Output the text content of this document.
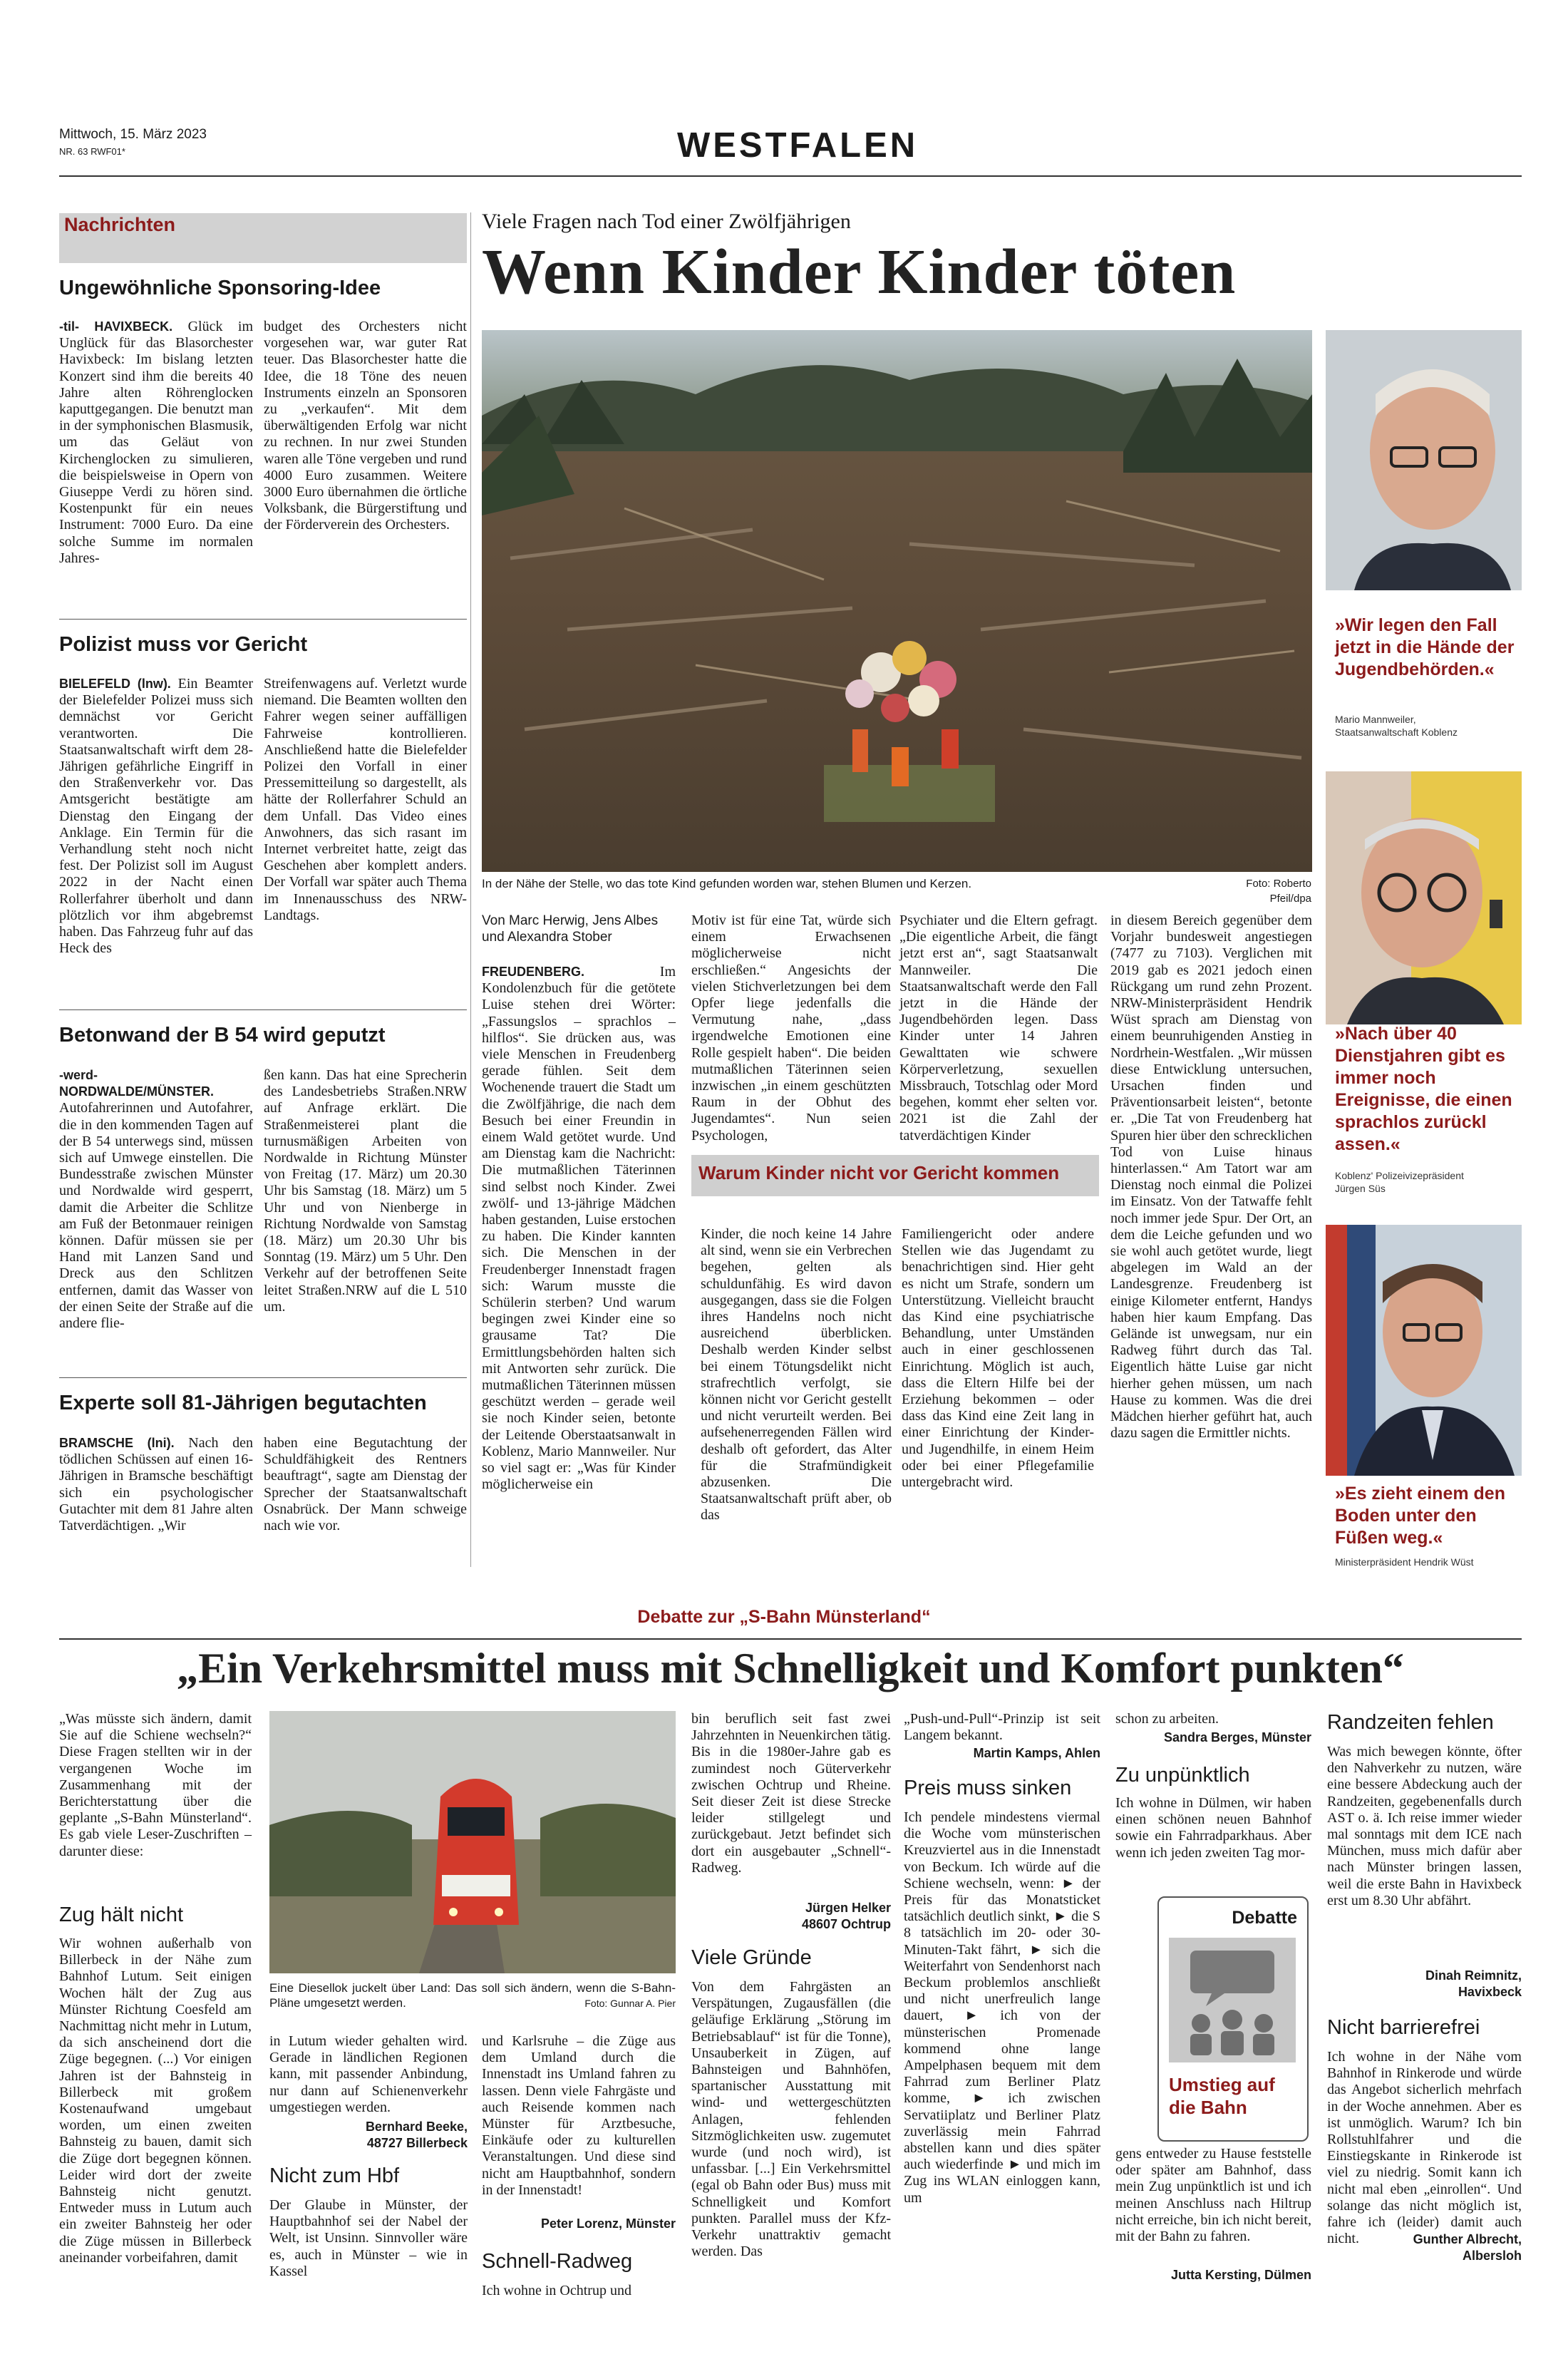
Mittwoch, 15. März 2023
NR. 63 RWF01*	WESTFALEN
Nachrichten
Ungewöhnliche Sponsoring-Idee
-til- HAVIXBECK. Glück im Unglück für das Blasorchester Havixbeck: Im bislang letzten Konzert sind ihm die bereits 40 Jahre alten Röhrenglocken kaputtgegangen. Die benutzt man in der symphonischen Blasmusik, um das Geläut von Kirchenglocken zu simulieren, die beispielsweise in Opern von Giuseppe Verdi zu hören sind. Kostenpunkt für ein neues Instrument: 7000 Euro. Da eine solche Summe im normalen Jahres-
budget des Orchesters nicht vorgesehen war, war guter Rat teuer. Das Blasorchester hatte die Idee, die 18 Töne des neuen Instruments einzeln an Sponsoren zu „verkaufen“. Mit dem überwältigenden Erfolg war nicht zu rechnen. In nur zwei Stunden waren alle Töne vergeben und rund 4000 Euro zusammen. Weitere 3000 Euro übernahmen die örtliche Volksbank, die Bürgerstiftung und der Förderverein des Orchesters.
Polizist muss vor Gericht
BIELEFELD (lnw). Ein Beamter der Bielefelder Polizei muss sich demnächst vor Gericht verantworten. Die Staatsanwaltschaft wirft dem 28-Jährigen gefährliche Eingriff in den Straßenverkehr vor. Das Amtsgericht bestätigte am Dienstag den Eingang der Anklage. Ein Termin für die Verhandlung steht noch nicht fest. Der Polizist soll im August 2022 in der Nacht einen Rollerfahrer überholt und dann plötzlich vor ihm abgebremst haben. Das Fahrzeug fuhr auf das Heck des
Streifenwagens auf. Verletzt wurde niemand. Die Beamten wollten den Fahrer wegen seiner auffälligen Fahrweise kontrollieren. Anschließend hatte die Bielefelder Polizei den Vorfall in einer Pressemitteilung so dargestellt, als hätte der Rollerfahrer Schuld an dem Unfall. Das Video eines Anwohners, das sich rasant im Internet verbreitet hatte, zeigt das Geschehen aber komplett anders. Der Vorfall war später auch Thema im Innenausschuss des NRW-Landtags.
Betonwand der B 54 wird geputzt
-werd- NORDWALDE/MÜNSTER. Autofahrerinnen und Autofahrer, die in den kommenden Tagen auf der B 54 unterwegs sind, müssen sich auf Umwege einstellen. Die Bundesstraße zwischen Münster und Nordwalde wird gesperrt, damit die Arbeiter die Schlitze am Fuß der Betonmauer reinigen können. Dafür müssen sie per Hand mit Lanzen Sand und Dreck aus den Schlitzen entfernen, damit das Wasser von der einen Seite der Straße auf die andere flie-
ßen kann. Das hat eine Sprecherin des Landesbetriebs Straßen.NRW auf Anfrage erklärt. Die Straßenmeisterei plant die turnusmäßigen Arbeiten von Nordwalde in Richtung Münster von Freitag (17. März) um 20.30 Uhr bis Samstag (18. März) um 5 Uhr und von Nienberge in Richtung Nordwalde von Samstag (18. März) um 20.30 Uhr bis Sonntag (19. März) um 5 Uhr. Den Verkehr auf der betroffenen Seite leitet Straßen.NRW auf die L 510 um.
Experte soll 81-Jährigen begutachten
BRAMSCHE (lni). Nach den tödlichen Schüssen auf einen 16-Jährigen in Bramsche beschäftigt sich ein psychologischer Gutachter mit dem 81 Jahre alten Tatverdächtigen. „Wir
haben eine Begutachtung der Schuldfähigkeit des Rentners beauftragt“, sagte am Dienstag der Sprecher der Staatsanwaltschaft Osnabrück. Der Mann schweige nach wie vor.
Viele Fragen nach Tod einer Zwölfjährigen
Wenn Kinder Kinder töten
In der Nähe der Stelle, wo das tote Kind gefunden worden war, stehen Blumen und Kerzen.	Foto: Roberto Pfeil/dpa
Von Marc Herwig, Jens Albes und Alexandra Stober
FREUDENBERG.	Im Kondolenzbuch für die getötete Luise stehen drei Wörter: „Fassungslos – sprachlos – hilflos“. Sie drücken aus, was viele Menschen in Freudenberg gerade fühlen. Seit dem Wochenende trauert die Stadt um die Zwölfjährige, die nach dem Besuch bei einer Freundin in einem Wald getötet wurde. Und am Dienstag kam die Nachricht: Die mutmaßlichen Täterinnen sind selbst noch Kinder. Zwei zwölf- und 13-jährige Mädchen haben gestanden, Luise erstochen zu haben. Die Kinder kannten sich. Die Menschen in der Freudenberger Innenstadt fragen sich: Warum musste die Schülerin sterben? Und warum begingen zwei Kinder eine so grausame Tat? Die Ermittlungsbehörden halten sich mit Antworten sehr zurück. Die mutmaßlichen Täterinnen müssen geschützt werden – gerade weil sie noch Kinder seien, betonte der Leitende Oberstaatsanwalt in Koblenz, Mario Mannweiler. Nur so viel sagt er: „Was für Kinder möglicherweise ein
Motiv ist für eine Tat, würde sich einem Erwachsenen möglicherweise nicht erschließen.“ Angesichts der vielen Stichverletzungen bei dem Opfer liege jedenfalls die Vermutung nahe, „dass irgendwelche Emotionen eine Rolle gespielt haben“. Die beiden mutmaßlichen Täterinnen seien inzwischen „in einem geschützten Raum in der Obhut des Jugendamtes“. Nun seien Psychologen,
Psychiater und die Eltern gefragt. „Die eigentliche Arbeit, die fängt jetzt erst an“, sagt Staatsanwalt Mannweiler. Die Staatsanwaltschaft werde den Fall jetzt in die Hände der Jugendbehörden legen. Dass Kinder unter 14 Jahren Gewalttaten wie schwere Körperverletzung, sexuellen Missbrauch, Totschlag oder Mord begehen, kommt eher selten vor. 2021 ist die Zahl der tatverdächtigen Kinder
in diesem Bereich gegenüber dem Vorjahr bundesweit angestiegen (7477 zu 7103). Verglichen mit 2019 gab es 2021 jedoch einen Rückgang um rund zehn Prozent. NRW-Ministerpräsident Hendrik Wüst sprach am Dienstag von einem beunruhigenden Anstieg in Nordrhein-Westfalen. „Wir müssen diese Entwicklung untersuchen, Ursachen finden und Präventionsarbeit leisten“, betonte er. „Die Tat von Freudenberg hat Spuren hier über den schrecklichen Tod von Luise hinaus hinterlassen.“ Am Tatort war am Dienstag noch einmal die Polizei im Einsatz. Von der Tatwaffe fehlt noch immer jede Spur. Der Ort, an dem die Leiche gefunden und wo sie wohl auch getötet wurde, liegt abgelegen im Wald an der Landesgrenze. Freudenberg ist einige Kilometer entfernt, Handys haben hier kaum Empfang. Das Gelände ist unwegsam, nur ein Radweg führt durch das Tal. Eigentlich hätte Luise gar nicht hierher gehen müssen, um nach Hause zu kommen. Was die drei Mädchen hierher geführt hat, auch dazu sagen die Ermittler nichts.
Warum Kinder nicht vor Gericht kommen
Kinder, die noch keine 14 Jahre alt sind, wenn sie ein Verbrechen begehen, gelten als schuldunfähig. Es wird davon ausgegangen, dass sie die Folgen ihres Handelns noch nicht ausreichend überblicken. Deshalb werden Kinder selbst bei einem Tötungsdelikt nicht strafrechtlich verfolgt, sie können nicht vor Gericht gestellt und nicht verurteilt werden. Bei aufsehenerregenden Fällen wird deshalb oft gefordert, das Alter für die Strafmündigkeit abzusenken. Die Staatsanwaltschaft prüft aber, ob das
Familiengericht oder andere Stellen wie das Jugendamt zu benachrichtigen sind. Hier geht es nicht um Strafe, sondern um Unterstützung. Vielleicht braucht das Kind eine psychiatrische Behandlung, unter Umständen auch in einer geschlossenen Einrichtung. Möglich ist auch, dass die Eltern Hilfe bei der Erziehung bekommen – oder dass das Kind eine Zeit lang in einer Einrichtung der Kinder- und Jugendhilfe, in einem Heim oder bei einer Pflegefamilie untergebracht wird.
»Wir legen den Fall jetzt in die Hände der Jugendbehörden.«
Mario Mannweiler,
Staatsanwaltschaft Koblenz
»Nach über 40 Dienstjahren gibt es immer noch Ereignisse, die einen sprachlos zurückl assen.«
Koblenz' Polizeivizepräsident
Jürgen Süs
»Es zieht einem den Boden unter den Füßen weg.«
Ministerpräsident Hendrik Wüst
Debatte zur „S-Bahn Münsterland“
„Ein Verkehrsmittel muss mit Schnelligkeit und Komfort punkten“
„Was müsste sich ändern, damit Sie auf die Schiene wechseln?“ Diese Fragen stellten wir in der vergangenen Woche im Zusammenhang mit der Berichterstattung über die geplante „S-Bahn Münsterland“. Es gab viele Leser-Zuschriften – darunter diese:
Zug hält nicht
Wir wohnen außerhalb von Billerbeck in der Nähe zum Bahnhof Lutum. Seit einigen Wochen hält der Zug aus Münster Richtung Coesfeld am Nachmittag nicht mehr in Lutum, da sich anscheinend dort die Züge begegnen. (...) Vor einigen Jahren ist der Bahnsteig in Billerbeck mit großem Kostenaufwand umgebaut worden, um einen zweiten Bahnsteig zu bauen, damit sich die Züge dort begegnen können. Leider wird dort der zweite Bahnsteig nicht genutzt. Entweder muss in Lutum auch ein zweiter Bahnsteig her oder die Züge müssen in Billerbeck aneinander vorbeifahren, damit
Eine Diesellok juckelt über Land: Das soll sich ändern, wenn die S-Bahn-Pläne umgesetzt werden.	Foto: Gunnar A. Pier
in Lutum wieder gehalten wird. Gerade in ländlichen Regionen kann, mit passender Anbindung, nur dann auf Schienenverkehr umgestiegen werden.
Bernhard Beeke,
48727 Billerbeck
Nicht zum Hbf
Der Glaube in Münster, der Hauptbahnhof sei der Nabel der Welt, ist Unsinn. Sinnvoller wäre es, auch in Münster – wie in Kassel
und Karlsruhe – die Züge aus dem Umland durch die Innenstadt ins Umland fahren zu lassen. Denn viele Fahrgäste und auch Reisende kommen nach Münster für Arztbesuche, Einkäufe oder zu kulturellen Veranstaltungen. Und diese sind nicht am Hauptbahnhof, sondern in der Innenstadt!
Peter Lorenz, Münster
Schnell-Radweg
Ich wohne in Ochtrup und
bin beruflich seit fast zwei Jahrzehnten in Neuenkirchen tätig. Bis in die 1980er-Jahre gab es zumindest noch Güterverkehr zwischen Ochtrup und Rheine. Seit dieser Zeit ist diese Strecke leider stillgelegt und zurückgebaut. Jetzt befindet sich dort ein ausgebauter „Schnell“-Radweg.
Jürgen Helker
48607 Ochtrup
Viele Gründe
Von dem Fahrgästen an Verspätungen, Zugausfällen (die geläufige Erklärung „Störung im Betriebsablauf“ ist für die Tonne), Unsauberkeit in Zügen, auf Bahnsteigen und Bahnhöfen, spartanischer Ausstattung mit wind- und wettergeschützten Anlagen, fehlenden Sitzmöglichkeiten usw. zugemutet wurde (und noch wird), ist unfassbar. [...] Ein Verkehrsmittel (egal ob Bahn oder Bus) muss mit Schnelligkeit und Komfort punkten. Parallel muss der Kfz-Verkehr unattraktiv gemacht werden. Das
„Push-und-Pull“-Prinzip ist seit Langem bekannt.
Martin Kamps, Ahlen
Preis muss sinken
Ich pendele mindestens viermal die Woche vom münsterischen Kreuzviertel aus in die Innenstadt von Beckum. Ich würde auf die Schiene wechseln, wenn: ► der Preis für das Monatsticket tatsächlich deutlich sinkt, ► die S 8 tatsächlich im 20- oder 30-Minuten-Takt fährt, ► sich die Weiterfahrt von Sendenhorst nach Beckum problemlos anschließt und nicht unerfreulich lange dauert, ► ich von der münsterischen Promenade kommend ohne lange Ampelphasen bequem mit dem Fahrrad zum Berliner Platz komme, ► ich zwischen Servatiiplatz und Berliner Platz zuverlässig mein Fahrrad abstellen kann und dies später auch wiederfinde ► und mich im Zug ins WLAN einloggen kann, um
schon zu arbeiten.
Sandra Berges, Münster
Zu unpünktlich
Ich wohne in Dülmen, wir haben einen schönen neuen Bahnhof sowie ein Fahrradparkhaus. Aber wenn ich jeden zweiten Tag mor-
Debatte
Umstieg auf die Bahn
gens entweder zu Hause feststelle oder später am Bahnhof, dass mein Zug unpünktlich ist und ich meinen Anschluss nach Hiltrup nicht erreiche, bin ich nicht bereit, mit der Bahn zu fahren.
Jutta Kersting, Dülmen
Randzeiten fehlen
Was mich bewegen könnte, öfter den Nahverkehr zu nutzen, wäre eine bessere Abdeckung auch der Randzeiten, gegebenenfalls durch AST o. ä. Ich reise immer wieder mal sonntags mit dem ICE nach München, muss mich dafür aber nach Münster bringen lassen, weil die erste Bahn in Havixbeck erst um 8.30 Uhr abfährt.
Dinah Reimnitz,
Havixbeck
Nicht barrierefrei
Ich wohne in der Nähe vom Bahnhof in Rinkerode und würde das Angebot sicherlich mehrfach in der Woche annehmen. Aber es ist unmöglich. Warum? Ich bin Rollstuhlfahrer und die Einstiegskante in Rinkerode ist viel zu niedrig. Somit kann ich nicht mal eben „einrollen“. Und solange das nicht möglich ist, fahre ich (leider) damit auch nicht.	Gunther Albrecht,
Albersloh
